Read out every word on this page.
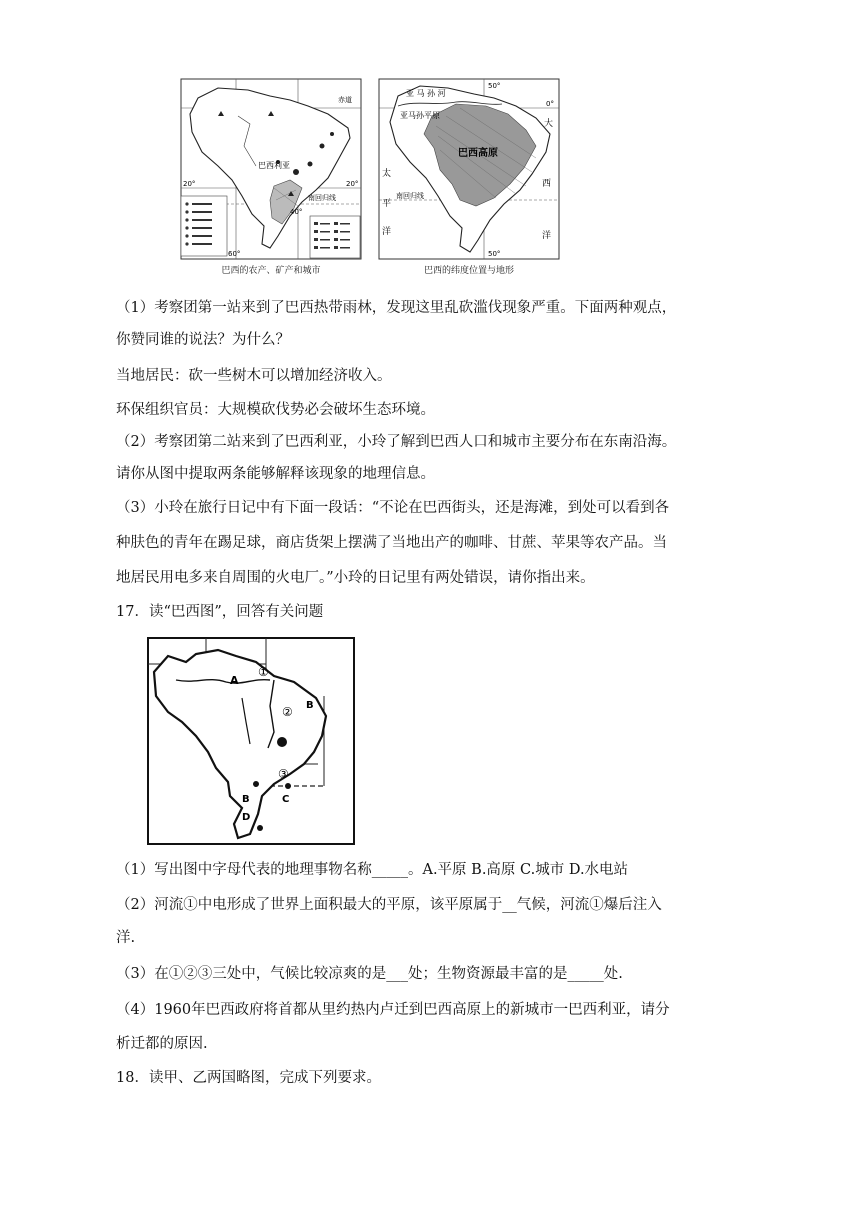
巴西利亚
赤道
南回归线
20°	20°
40°
60°
巴西的农产、矿产和城市
亚 马 孙 河
亚马孙平原
巴西高原
南回归线
太
平
洋
大
西
洋
50°
50°
0°
巴西的纬度位置与地形
（1）考察团第一站来到了巴西热带雨林，发现这里乱砍滥伐现象严重。下面两种观点，
你赞同谁的说法？为什么？
当地居民：砍一些树木可以增加经济收入。
环保组织官员：大规模砍伐势必会破坏生态环境。
（2）考察团第二站来到了巴西利亚，小玲了解到巴西人口和城市主要分布在东南沿海。
请你从图中提取两条能够解释该现象的地理信息。
（3）小玲在旅行日记中有下面一段话：“不论在巴西街头，还是海滩，到处可以看到各
种肤色的青年在踢足球，商店货架上摆满了当地出产的咖啡、甘蔗、苹果等农产品。当
地居民用电多来自周围的火电厂。”小玲的日记里有两处错误，请你指出来。
17．读“巴西图”，回答有关问题
A
B
B	C
D
①
②
③
（1）写出图中字母代表的地理事物名称_____。A.平原 B.高原 C.城市 D.水电站
（2）河流①中电形成了世界上面积最大的平原，该平原属于__气候，河流①爆后注入
洋.
（3）在①②③三处中，气候比较凉爽的是___处；生物资源最丰富的是_____处.
（4）1960年巴西政府将首都从里约热内卢迁到巴西高原上的新城市一巴西利亚，请分
析迁都的原因.
18．读甲、乙两国略图，完成下列要求。
